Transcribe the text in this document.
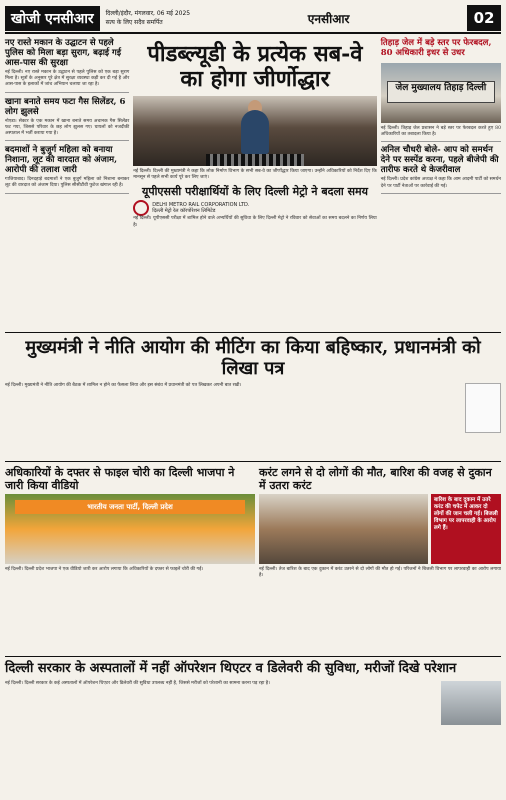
खोजी एनसीआर	दिल्ली/इंदौर, मंगलवार, 06 मई 2025
सत्य के लिए सदैव समर्पित	एनसीआर	02
नए रास्ते मकान के उद्घाटन से पहले पुलिस को मिला बड़ा सुराग, बढ़ाई गई आस-पास की सुरक्षा
नई दिल्ली। नए रास्ते मकान के उद्घाटन से पहले पुलिस को एक बड़ा सुराग मिला है। सूत्रों के अनुसार पूरे क्षेत्र में सुरक्षा व्यवस्था कड़ी कर दी गई है और आस-पास के इलाकों में जांच अभियान चलाया जा रहा है।
खाना बनाते समय फटा गैस सिलेंडर, 6 लोग झुलसे
नोएडा। सेक्टर के एक मकान में खाना बनाते समय अचानक गैस सिलेंडर फट गया, जिससे परिवार के छह लोग झुलस गए। घायलों को नजदीकी अस्पताल में भर्ती कराया गया है।
बदमाशों ने बुजुर्ग महिला को बनाया निशाना, लूट की वारदात को अंजाम, आरोपी की तलाश जारी
गाजियाबाद। दिनदहाड़े बदमाशों ने एक बुजुर्ग महिला को निशाना बनाकर लूट की वारदात को अंजाम दिया। पुलिस सीसीटीवी फुटेज खंगाल रही है।
पीडब्ल्यूडी के प्रत्येक सब-वे का होगा जीर्णोद्धार
नई दिल्ली। दिल्ली की मुख्यमंत्री ने कहा कि लोक निर्माण विभाग के सभी सब-वे का जीर्णोद्धार किया जाएगा। उन्होंने अधिकारियों को निर्देश दिए कि मानसून से पहले सभी कार्य पूरे कर लिए जाएं।
यूपीएससी परीक्षार्थियों के लिए दिल्ली मेट्रो ने बदला समय
DELHI METRO RAIL CORPORATION LTD.
दिल्ली मेट्रो रेल कॉरपोरेशन लिमिटेड
नई दिल्ली। यूपीएससी परीक्षा में शामिल होने वाले अभ्यर्थियों की सुविधा के लिए दिल्ली मेट्रो ने रविवार को सेवाओं का समय बदलने का निर्णय लिया है।
तिहाड़ जेल में बड़े स्तर पर फेरबदल, 80 अधिकारी इधर से उधर
जेल मुख्यालय तिहाड़ दिल्ली
नई दिल्ली। तिहाड़ जेल प्रशासन ने बड़े स्तर पर फेरबदल करते हुए 80 अधिकारियों का तबादला किया है।
अनिल चौधरी बोले- आप को समर्थन देने पर सस्पेंड करना, पहले बीजेपी की तारीफ करते थे केजरीवाल
नई दिल्ली। प्रदेश कांग्रेस अध्यक्ष ने कहा कि आम आदमी पार्टी को समर्थन देने पर पार्टी नेताओं पर कार्रवाई की गई।
मुख्यमंत्री ने नीति आयोग की मीटिंग का किया बहिष्कार, प्रधानमंत्री को लिखा पत्र
नई दिल्ली। मुख्यमंत्री ने नीति आयोग की बैठक में शामिल न होने का फैसला लिया और इस संबंध में प्रधानमंत्री को पत्र लिखकर अपनी बात रखी।
अधिकारियों के दफ्तर से फाइल चोरी का दिल्ली भाजपा ने जारी किया वीडियो
भारतीय जनता पार्टी, दिल्ली प्रदेश
नई दिल्ली। दिल्ली प्रदेश भाजपा ने एक वीडियो जारी कर आरोप लगाया कि अधिकारियों के दफ्तर से फाइलें चोरी की गईं।
करंट लगने से दो लोगों की मौत, बारिश की वजह से दुकान में उतरा करंट
बारिश के बाद दुकान में उतरे करंट की चपेट में आकर दो लोगों की जान चली गई। बिजली विभाग पर लापरवाही के आरोप लगे हैं।
नई दिल्ली। तेज बारिश के बाद एक दुकान में करंट उतरने से दो लोगों की मौत हो गई। परिजनों ने बिजली विभाग पर लापरवाही का आरोप लगाया है।
दिल्ली सरकार के अस्पतालों में नहीं ऑपरेशन थिएटर व डिलेवरी की सुविधा, मरीजों दिखे परेशान
नई दिल्ली। दिल्ली सरकार के कई अस्पतालों में ऑपरेशन थिएटर और डिलेवरी की सुविधा उपलब्ध नहीं है, जिससे मरीजों को परेशानी का सामना करना पड़ रहा है।
